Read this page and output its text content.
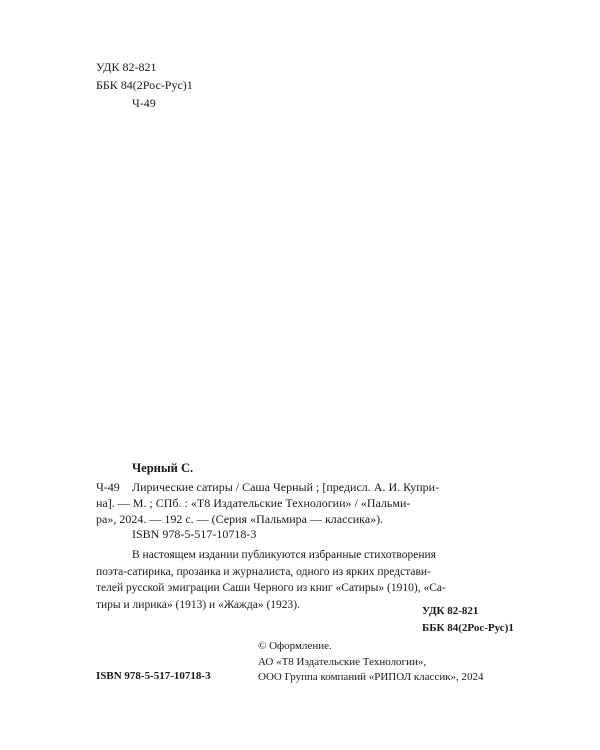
УДК 82-821
ББК 84(2Рос-Рус)1
Ч-49
Черный С.
Ч-49	Лирические сатиры / Саша Черный ; [предисл. А. И. Купри-
на]. — М. ; СПб. : «Т8 Издательские Технологии» / «Пальми-
ра», 2024. — 192 с. — (Серия «Пальмира — классика»).
ISBN 978-5-517-10718-3
В настоящем издании публикуются избранные стихотворения
поэта-сатирика, прозаика и журналиста, одного из ярких представи-
телей русской эмиграции Саши Черного из книг «Сатиры» (1910), «Са-
тиры и лирика» (1913) и «Жажда» (1923).
УДК 82-821
ББК 84(2Рос-Рус)1
© Оформление.
АО «Т8 Издательские Технологии»,
ООО Группа компаний «РИПОЛ классик», 2024
ISBN 978-5-517-10718-3
